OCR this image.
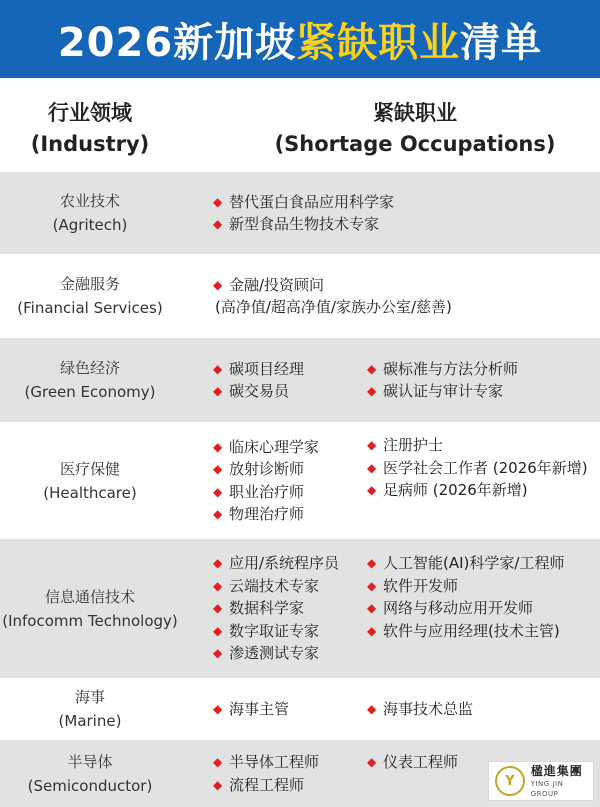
2026新加坡 紧缺职业 清单
行业领域
(Industry)
紧缺职业
(Shortage Occupations)
农业技术
(Agritech)
◆ 替代蛋白食品应用科学家
◆ 新型食品生物技术专家
金融服务
(Financial Services)
◆ 金融/投资顾问
(高净值/超高净值/家族办公室/慈善)
绿色经济
(Green Economy)
◆ 碳项目经理
◆ 碳交易员
◆ 碳标准与方法分析师
◆ 碳认证与审计专家
医疗保健
(Healthcare)
◆ 临床心理学家
◆ 放射诊断师
◆ 职业治疗师
◆ 物理治疗师
◆ 注册护士
◆ 医学社会工作者 (2026年新增)
◆ 足病师 (2026年新增)
信息通信技术
(Infocomm Technology)
◆ 应用/系统程序员
◆ 云端技术专家
◆ 数据科学家
◆ 数字取证专家
◆ 渗透测试专家
◆ 人工智能(AI)科学家/工程师
◆ 软件开发师
◆ 网络与移动应用开发师
◆ 软件与应用经理(技术主管)
海事
(Marine)
◆ 海事主管	◆ 海事技术总监
半导体
(Semiconductor)
◆ 半导体工程师
◆ 流程工程师
◆ 仪表工程师
Y
楹進集團
YING JIN GROUP
